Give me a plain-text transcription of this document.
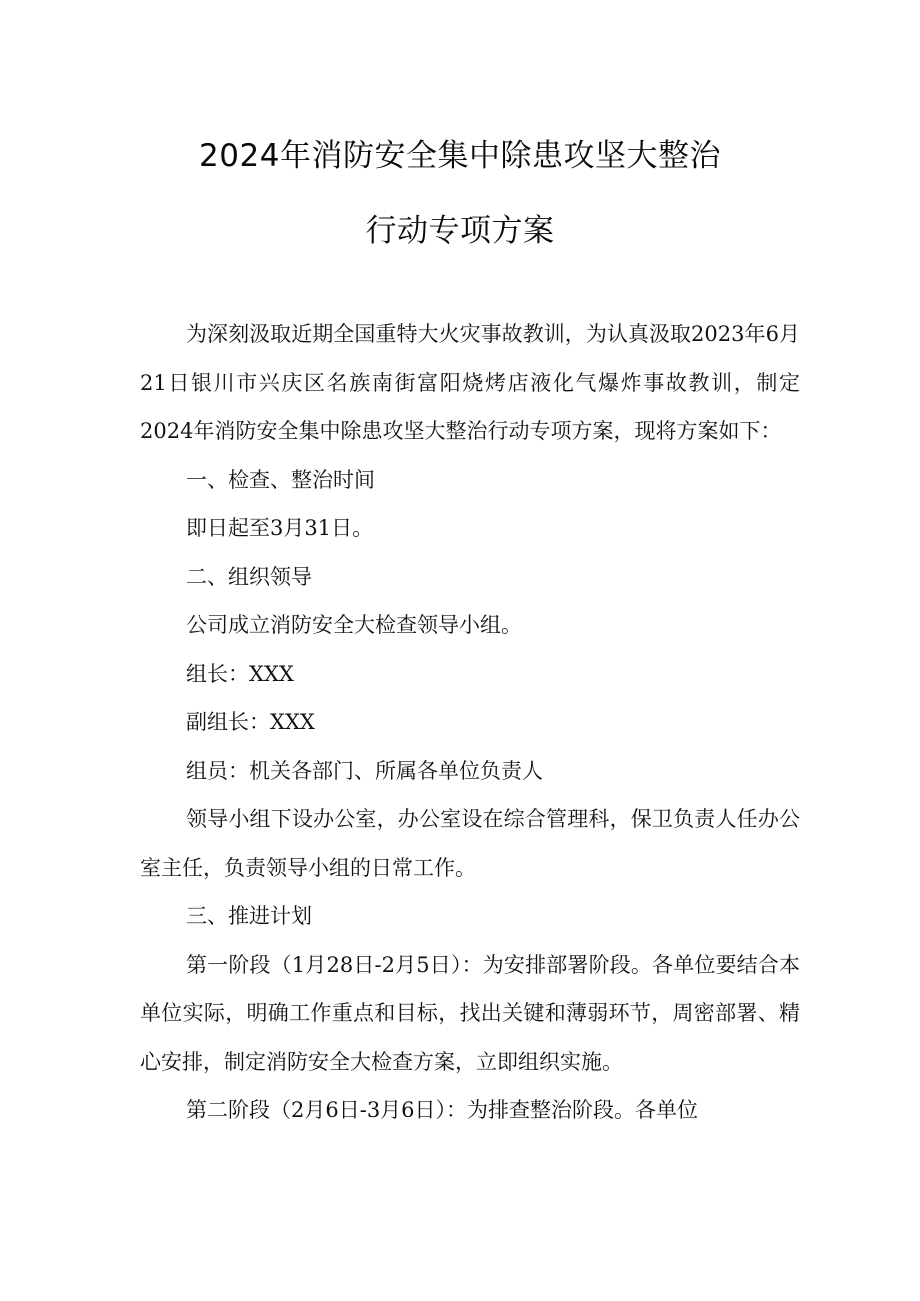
2024年消防安全集中除患攻坚大整治
行动专项方案

为深刻汲取近期全国重特大火灾事故教训，为认真汲取2023年6月21日银川市兴庆区名族南街富阳烧烤店液化气爆炸事故教训，制定2024年消防安全集中除患攻坚大整治行动专项方案，现将方案如下：

一、检查、整治时间

即日起至3月31日。

二、组织领导

公司成立消防安全大检查领导小组。

组长：XXX

副组长：XXX

组员：机关各部门、所属各单位负责人

领导小组下设办公室，办公室设在综合管理科，保卫负责人任办公室主任，负责领导小组的日常工作。

三、推进计划

第一阶段（1月28日-2月5日）：为安排部署阶段。各单位要结合本单位实际，明确工作重点和目标，找出关键和薄弱环节，周密部署、精心安排，制定消防安全大检查方案，立即组织实施。

第二阶段（2月6日-3月6日）：为排查整治阶段。各单位
